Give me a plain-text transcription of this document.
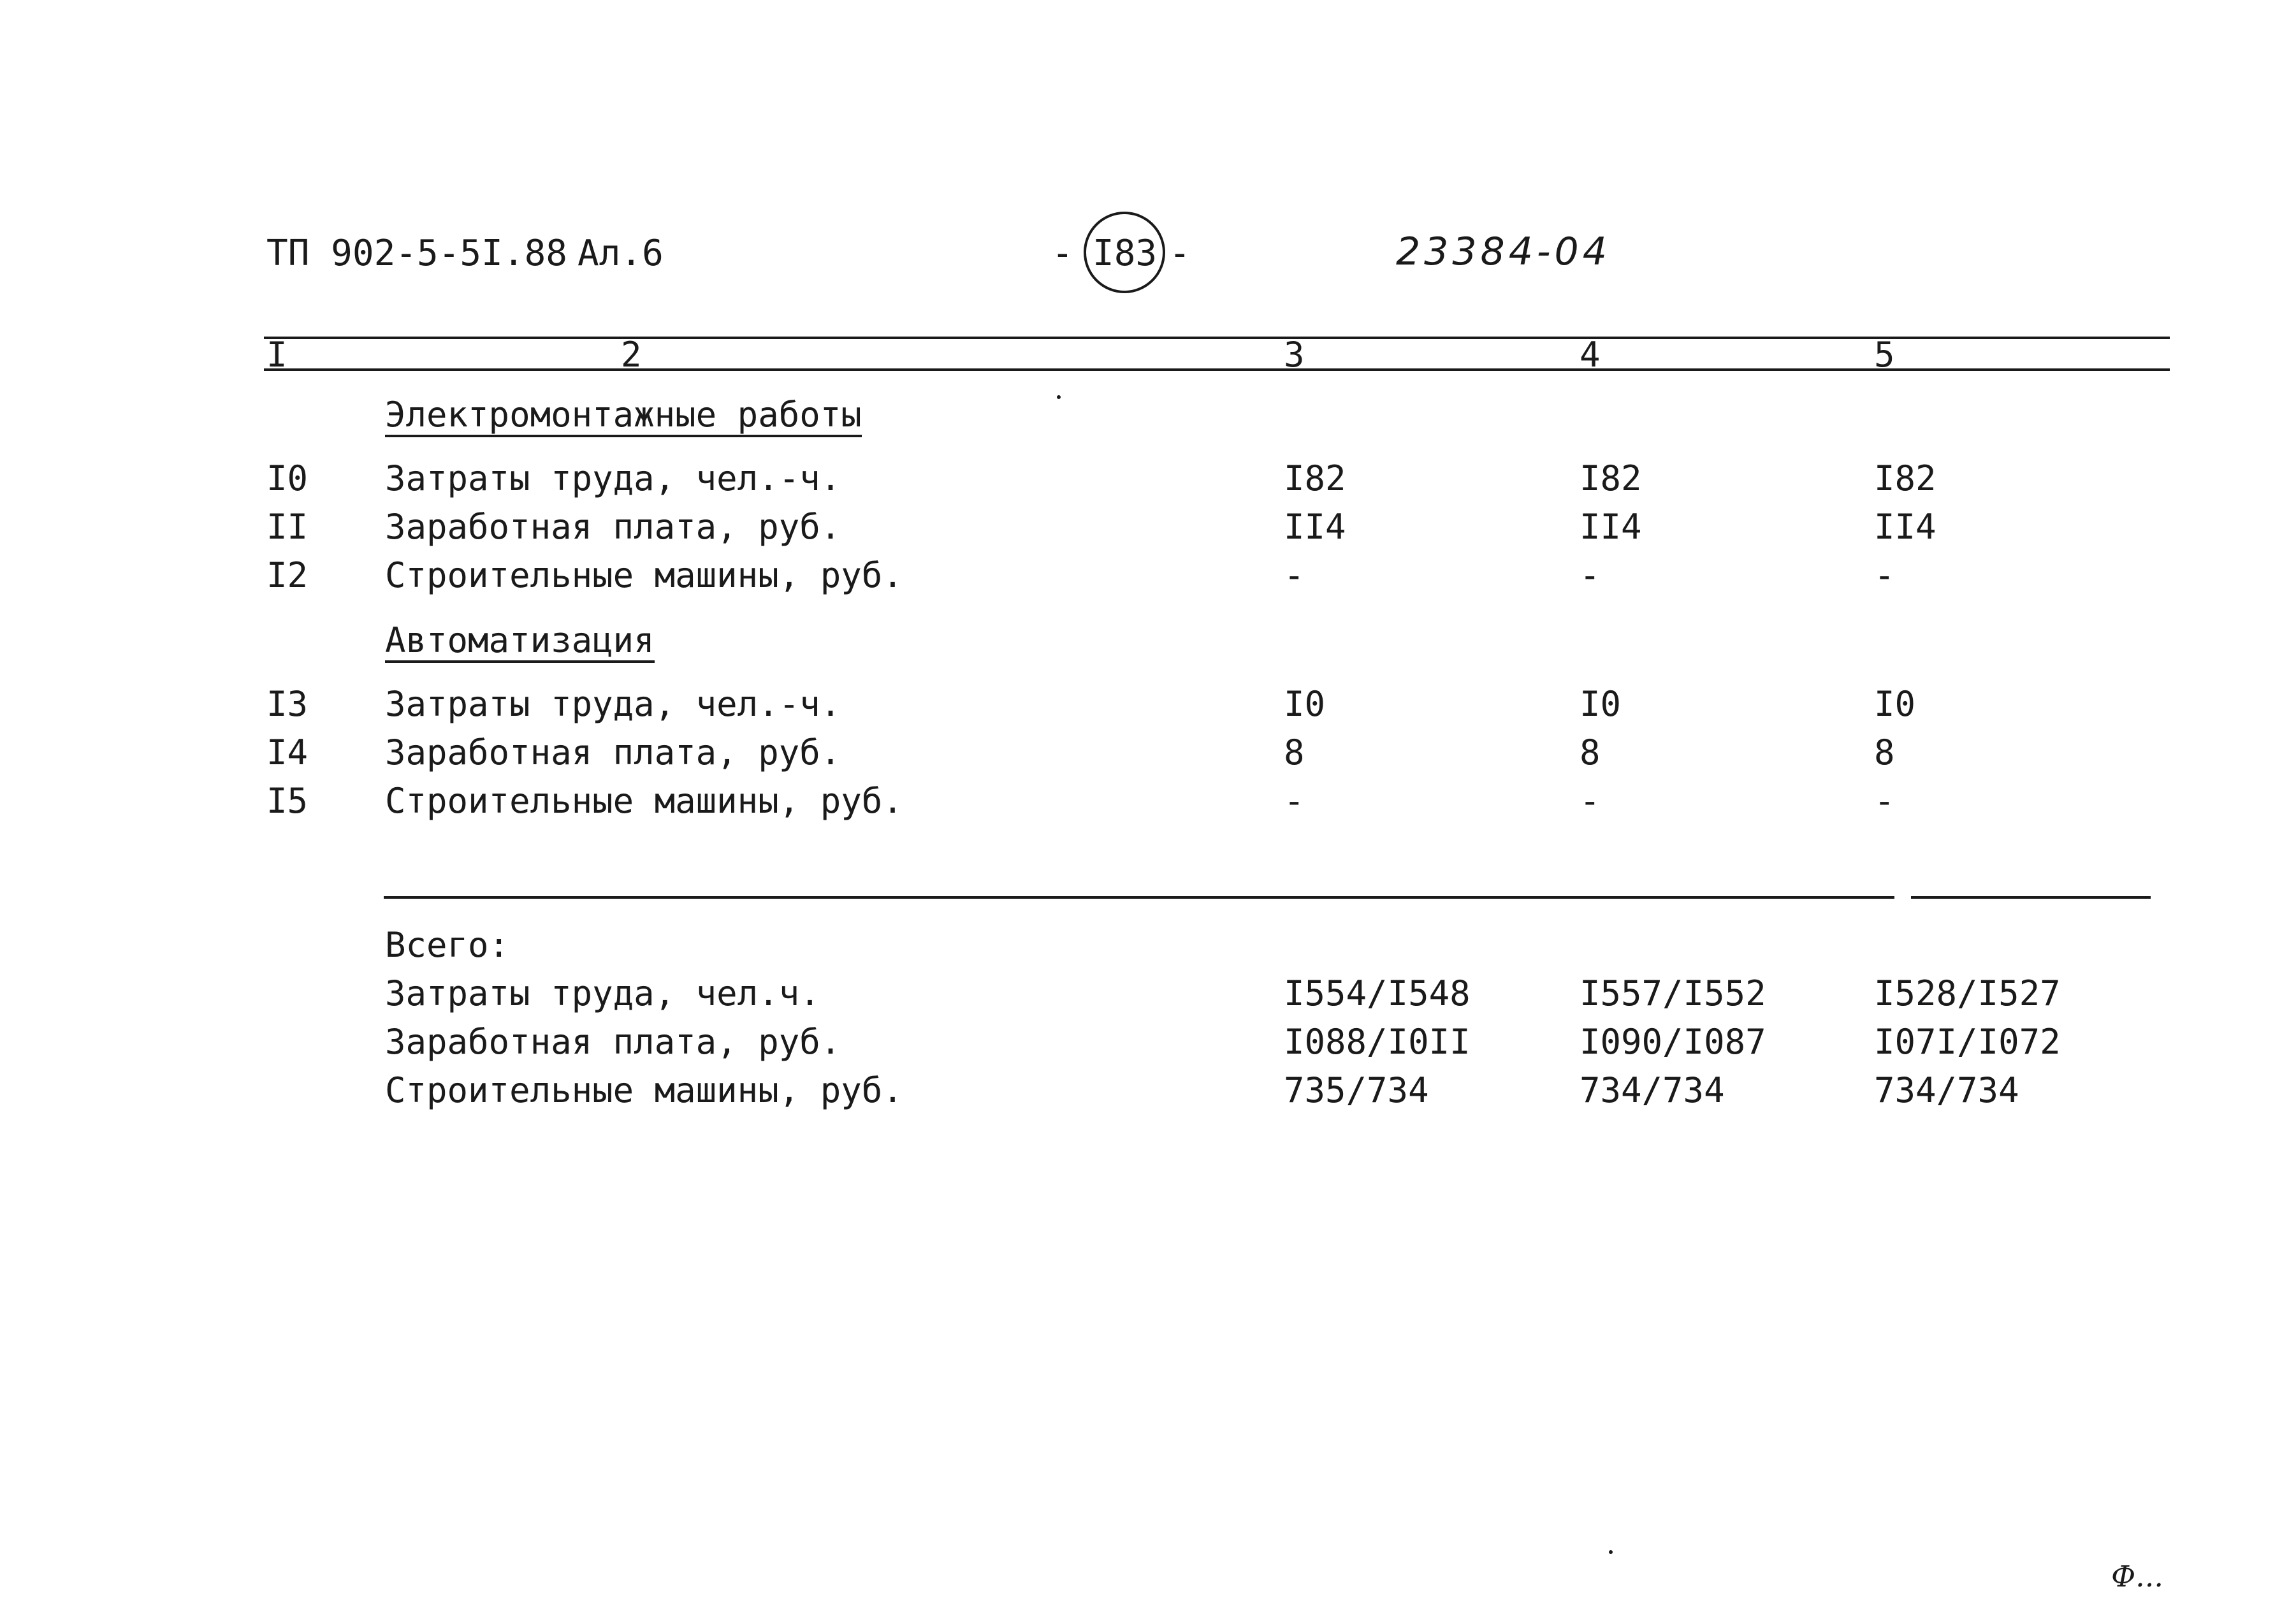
ТП 902-5-5I.88 Ал.6	- I83 -	23384-04
I	2	3	4	5
Электромонтажные работы
I0 Затраты труда, чел.-ч.	I82	I82	I82
II Заработная плата, руб.	II4	II4	II4
I2 Строительные машины, руб.	-	-	-
Автоматизация
I3 Затраты труда, чел.-ч.	I0	I0	I0
I4 Заработная плата, руб.	8	8	8
I5 Строительные машины, руб.	-	-	-
Всего:
Затраты труда, чел.ч.	I554/I548	I557/I552	I528/I527
Заработная плата, руб.	I088/I0II	I090/I087	I07I/I072
Строительные машины, руб.	735/734	734/734	734/734
Ф...
